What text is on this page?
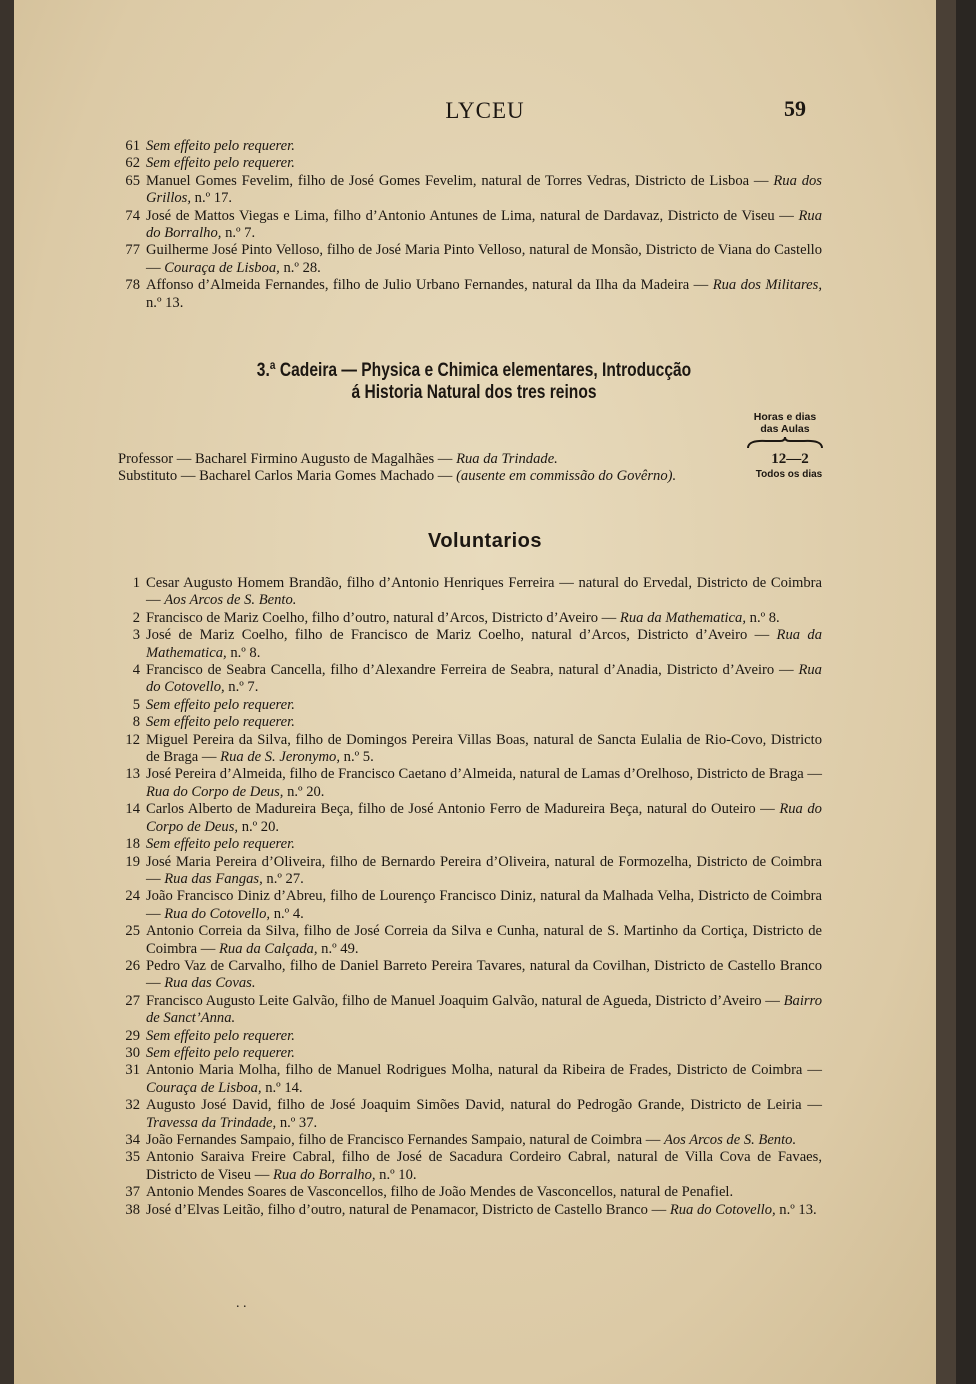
LYCEU	59
61 Sem effeito pelo requerer.
62 Sem effeito pelo requerer.
65 Manuel Gomes Fevelim, filho de José Gomes Fevelim, natural de Torres Vedras, Districto de Lisboa — Rua dos Grillos, n.º 17.
74 José de Mattos Viegas e Lima, filho d’Antonio Antunes de Lima, natural de Dardavaz, Districto de Viseu — Rua do Borralho, n.º 7.
77 Guilherme José Pinto Velloso, filho de José Maria Pinto Velloso, natural de Monsão, Districto de Viana do Castello — Couraça de Lisboa, n.º 28.
78 Affonso d’Almeida Fernandes, filho de Julio Urbano Fernandes, natural da Ilha da Madeira — Rua dos Militares, n.º 13.
3.ª Cadeira — Physica e Chimica elementares, Introducção
á Historia Natural dos tres reinos
Horas e dias
das Aulas
Professor — Bacharel Firmino Augusto de Magalhães — Rua da Trindade.
Substituto — Bacharel Carlos Maria Gomes Machado — (ausente em commissão do Govêrno).
12—2
Todos os dias
Voluntarios
1 Cesar Augusto Homem Brandão, filho d’Antonio Henriques Ferreira — natural do Ervedal, Districto de Coimbra — Aos Arcos de S. Bento.
2 Francisco de Mariz Coelho, filho d’outro, natural d’Arcos, Districto d’Aveiro — Rua da Mathematica, n.º 8.
3 José de Mariz Coelho, filho de Francisco de Mariz Coelho, natural d’Arcos, Districto d’Aveiro — Rua da Mathematica, n.º 8.
4 Francisco de Seabra Cancella, filho d’Alexandre Ferreira de Seabra, natural d’Anadia, Districto d’Aveiro — Rua do Cotovello, n.º 7.
5 Sem effeito pelo requerer.
8 Sem effeito pelo requerer.
12 Miguel Pereira da Silva, filho de Domingos Pereira Villas Boas, natural de Sancta Eulalia de Rio-Covo, Districto de Braga — Rua de S. Jeronymo, n.º 5.
13 José Pereira d’Almeida, filho de Francisco Caetano d’Almeida, natural de Lamas d’Orelhoso, Districto de Braga — Rua do Corpo de Deus, n.º 20.
14 Carlos Alberto de Madureira Beça, filho de José Antonio Ferro de Madureira Beça, natural do Outeiro — Rua do Corpo de Deus, n.º 20.
18 Sem effeito pelo requerer.
19 José Maria Pereira d’Oliveira, filho de Bernardo Pereira d’Oliveira, natural de Formozelha, Districto de Coimbra — Rua das Fangas, n.º 27.
24 João Francisco Diniz d’Abreu, filho de Lourenço Francisco Diniz, natural da Malhada Velha, Districto de Coimbra — Rua do Cotovello, n.º 4.
25 Antonio Correia da Silva, filho de José Correia da Silva e Cunha, natural de S. Martinho da Cortiça, Districto de Coimbra — Rua da Calçada, n.º 49.
26 Pedro Vaz de Carvalho, filho de Daniel Barreto Pereira Tavares, natural da Covilhan, Districto de Castello Branco — Rua das Covas.
27 Francisco Augusto Leite Galvão, filho de Manuel Joaquim Galvão, natural de Agueda, Districto d’Aveiro — Bairro de Sanct’Anna.
29 Sem effeito pelo requerer.
30 Sem effeito pelo requerer.
31 Antonio Maria Molha, filho de Manuel Rodrigues Molha, natural da Ribeira de Frades, Districto de Coimbra — Couraça de Lisboa, n.º 14.
32 Augusto José David, filho de José Joaquim Simões David, natural do Pedrogão Grande, Districto de Leiria — Travessa da Trindade, n.º 37.
34 João Fernandes Sampaio, filho de Francisco Fernandes Sampaio, natural de Coimbra — Aos Arcos de S. Bento.
35 Antonio Saraiva Freire Cabral, filho de José de Sacadura Cordeiro Cabral, natural de Villa Cova de Favaes, Districto de Viseu — Rua do Borralho, n.º 10.
37 Antonio Mendes Soares de Vasconcellos, filho de João Mendes de Vasconcellos, natural de Penafiel.
38 José d’Elvas Leitão, filho d’outro, natural de Penamacor, Districto de Castello Branco — Rua do Cotovello, n.º 13.
. .
